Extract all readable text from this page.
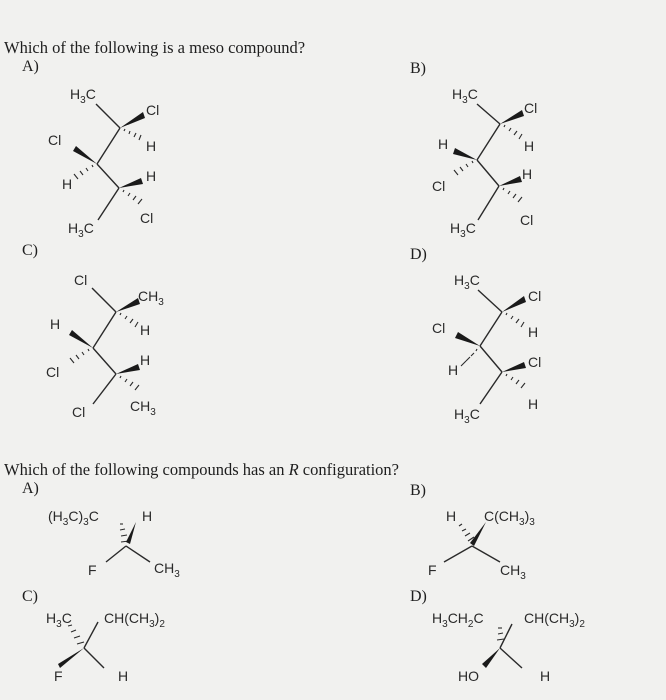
Which of the following is a meso compound?
A)	B)
C)	D)
Which of the following compounds has an R configuration?
A)	B)
C)	D)
$H_3C$
Cl
H
Cl
H
H
Cl
$H_3C$
$H_3C$
Cl
H
H
H
Cl
Cl
$H_3C$
Cl
$CH_3$
H
H
H
Cl
$CH_3$
Cl
$H_3C$
Cl
H
Cl
Cl
H
H
$H_3C$
$(H_3C)_3C$	H
F	$CH_3$
H $C(CH_3)_3$
F	$CH_3$
$H_3C$ $CH(CH_3)_2$
F	H
$H_3CH_2C$	$CH(CH_3)_2$
HO	H
